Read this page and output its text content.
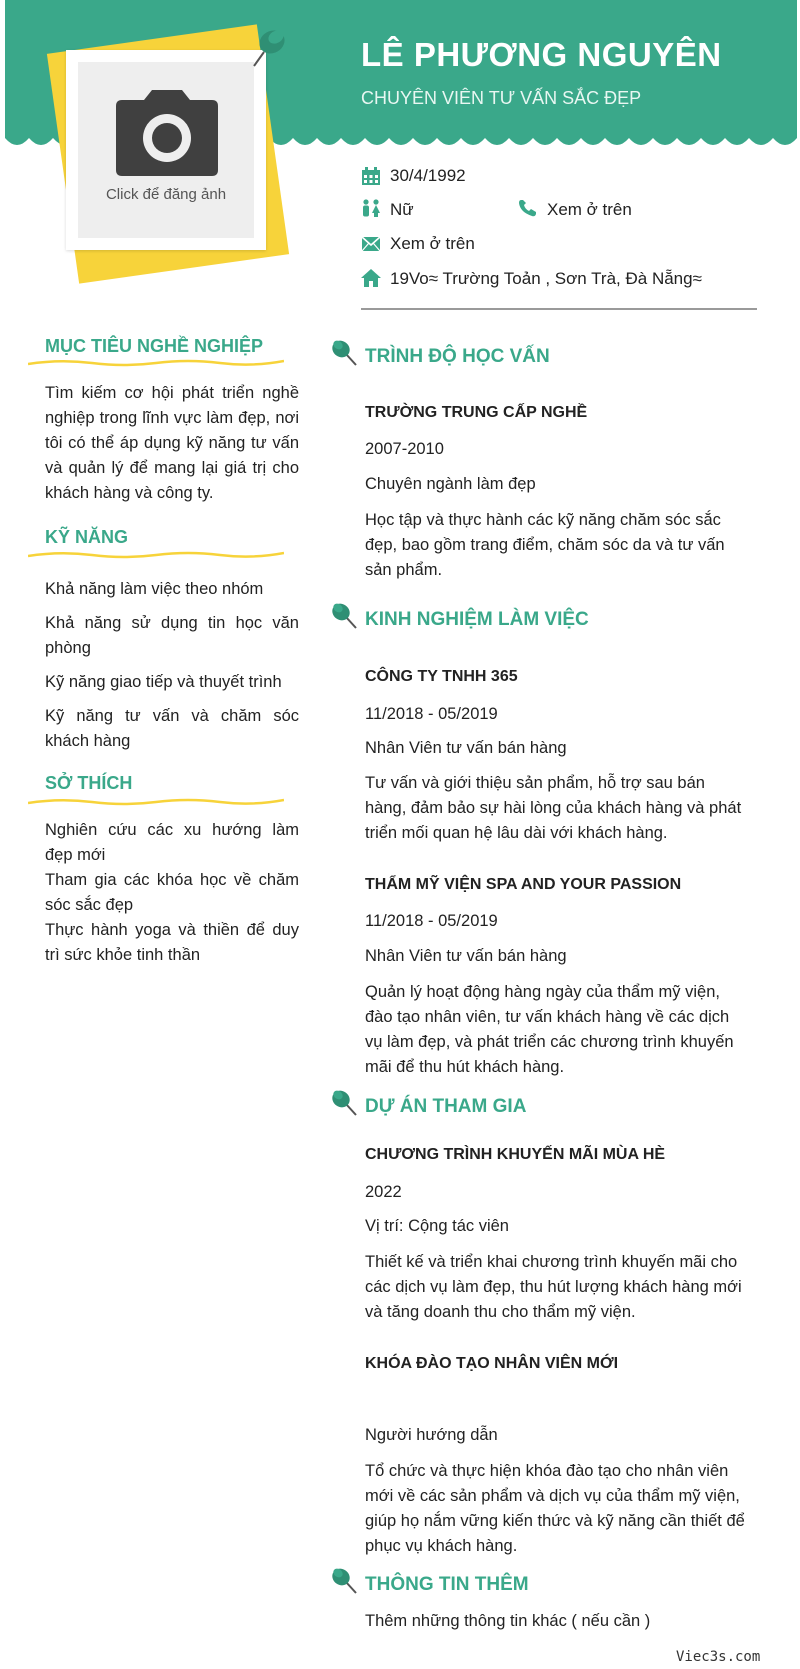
LÊ PHƯƠNG NGUYÊN
CHUYÊN VIÊN TƯ VẤN SẮC ĐẸP
Click để đăng ảnh
30/4/1992
Nữ	Xem ở trên
Xem ở trên
19Vo≈ Trường Toản , Sơn Trà, Đà Nẵng≈
MỤC TIÊU NGHỀ NGHIỆP
Tìm kiếm cơ hội phát triển nghề nghiệp trong lĩnh vực làm đẹp, nơi tôi có thể áp dụng kỹ năng tư vấn và quản lý để mang lại giá trị cho khách hàng và công ty.
KỸ NĂNG
Khả năng làm việc theo nhóm
Khả năng sử dụng tin học văn phòng
Kỹ năng giao tiếp và thuyết trình
Kỹ năng tư vấn và chăm sóc khách hàng
SỞ THÍCH
Nghiên cứu các xu hướng làm đẹp mới
Tham gia các khóa học về chăm sóc sắc đẹp
Thực hành yoga và thiền để duy trì sức khỏe tinh thần
TRÌNH ĐỘ HỌC VẤN
TRƯỜNG TRUNG CẤP NGHỀ
2007-2010
Chuyên ngành làm đẹp
Học tập và thực hành các kỹ năng chăm sóc sắc đẹp, bao gồm trang điểm, chăm sóc da và tư vấn sản phẩm.
KINH NGHIỆM LÀM VIỆC
CÔNG TY TNHH 365
11/2018 - 05/2019
Nhân Viên tư vấn bán hàng
Tư vấn và giới thiệu sản phẩm, hỗ trợ sau bán hàng, đảm bảo sự hài lòng của khách hàng và phát triển mối quan hệ lâu dài với khách hàng.
THẨM MỸ VIỆN SPA AND YOUR PASSION
11/2018 - 05/2019
Nhân Viên tư vấn bán hàng
Quản lý hoạt động hàng ngày của thẩm mỹ viện, đào tạo nhân viên, tư vấn khách hàng về các dịch vụ làm đẹp, và phát triển các chương trình khuyến mãi để thu hút khách hàng.
DỰ ÁN THAM GIA
CHƯƠNG TRÌNH KHUYẾN MÃI MÙA HÈ
2022
Vị trí: Cộng tác viên
Thiết kế và triển khai chương trình khuyến mãi cho các dịch vụ làm đẹp, thu hút lượng khách hàng mới và tăng doanh thu cho thẩm mỹ viện.
KHÓA ĐÀO TẠO NHÂN VIÊN MỚI
Người hướng dẫn
Tổ chức và thực hiện khóa đào tạo cho nhân viên mới về các sản phẩm và dịch vụ của thẩm mỹ viện, giúp họ nắm vững kiến thức và kỹ năng cần thiết để phục vụ khách hàng.
THÔNG TIN THÊM
Thêm những thông tin khác ( nếu cần )
Viec3s.com
